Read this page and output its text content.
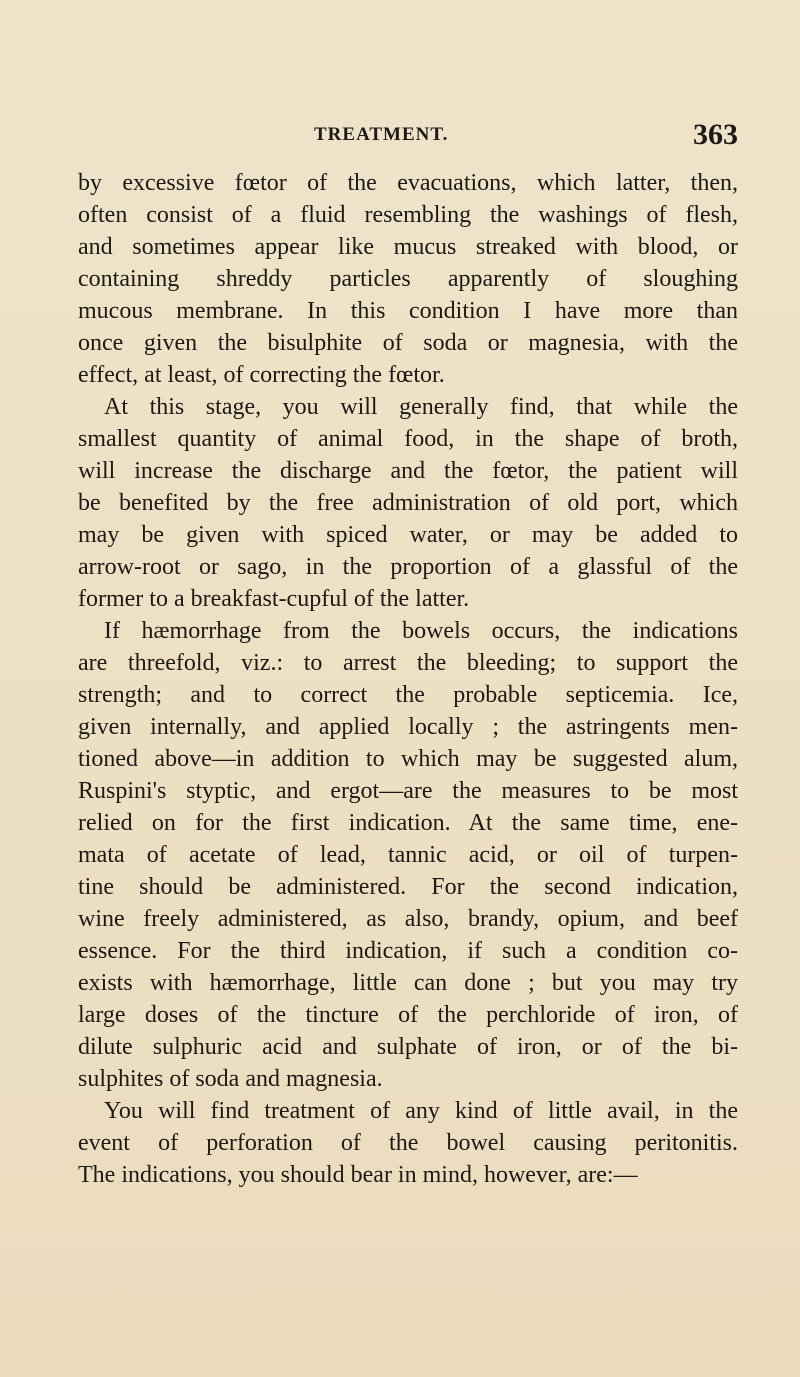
TREATMENT.	363
by excessive fœtor of the evacuations, which latter, then,
often consist of a fluid resembling the washings of flesh,
and sometimes appear like mucus streaked with blood, or
containing shreddy particles apparently of sloughing
mucous membrane. In this condition I have more than
once given the bisulphite of soda or magnesia, with the
effect, at least, of correcting the fœtor.
At this stage, you will generally find, that while the
smallest quantity of animal food, in the shape of broth,
will increase the discharge and the fœtor, the patient will
be benefited by the free administration of old port, which
may be given with spiced water, or may be added to
arrow-root or sago, in the proportion of a glassful of the
former to a breakfast-cupful of the latter.
If hæmorrhage from the bowels occurs, the indications
are threefold, viz.: to arrest the bleeding; to support the
strength; and to correct the probable septicemia. Ice,
given internally, and applied locally ; the astringents men-
tioned above—in addition to which may be suggested alum,
Ruspini's styptic, and ergot—are the measures to be most
relied on for the first indication. At the same time, ene-
mata of acetate of lead, tannic acid, or oil of turpen-
tine should be administered. For the second indication,
wine freely administered, as also, brandy, opium, and beef
essence. For the third indication, if such a condition co-
exists with hæmorrhage, little can done ; but you may try
large doses of the tincture of the perchloride of iron, of
dilute sulphuric acid and sulphate of iron, or of the bi-
sulphites of soda and magnesia.
You will find treatment of any kind of little avail, in the
event of perforation of the bowel causing peritonitis.
The indications, you should bear in mind, however, are:—
